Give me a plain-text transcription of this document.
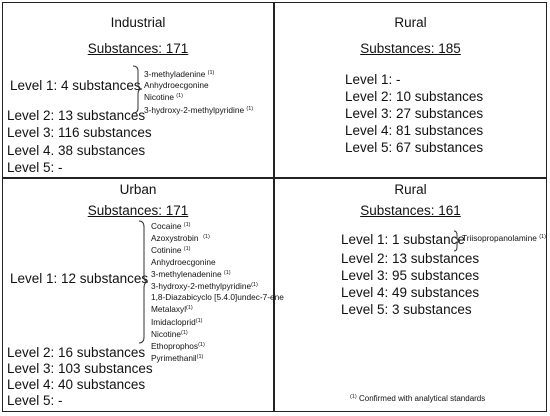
Industrial
Substances: 171
Level 1: 4 substances
3-methyladenine $^{(1)}$
Anhydroecgonine
Nicotine $^{(1)}$
3-hydroxy-2-methylpyridine $^{(1)}$
Level 2: 13 substances
Level 3: 116 substances
Level 4. 38 substances
Level 5: -
Rural
Substances: 185
Level 1: -
Level 2: 10 substances
Level 3: 27 substances
Level 4: 81 substances
Level 5: 67 substances
Urban
Substances: 171
Level 1: 12 substances
Cocaine $^{(1)}$
Azoxystrobin $^{(1)}$
Cotinine $^{(1)}$
Anhydroecgonine
3-methylenadenine $^{(1)}$
3-hydroxy-2-methylpyridine$^{(1)}$
1,8-Diazabicyclo [5.4.0]undec-7-ene
Metalaxyl$^{(1)}$
Imidacloprid$^{(1)}$
Nicotine$^{(1)}$
Ethoprophos$^{(1)}$
Pyrimethanil$^{(1)}$
Level 2: 16 substances
Level 3: 103 substances
Level 4: 40 substances
Level 5: -
Rural
Substances: 161
Level 1: 1 substance
Triisopropanolamine $^{(1)}$
Level 2: 13 substances
Level 3: 95 substances
Level 4: 49 substances
Level 5: 3 substances
$^{(1)}$ Confirmed with analytical standards
